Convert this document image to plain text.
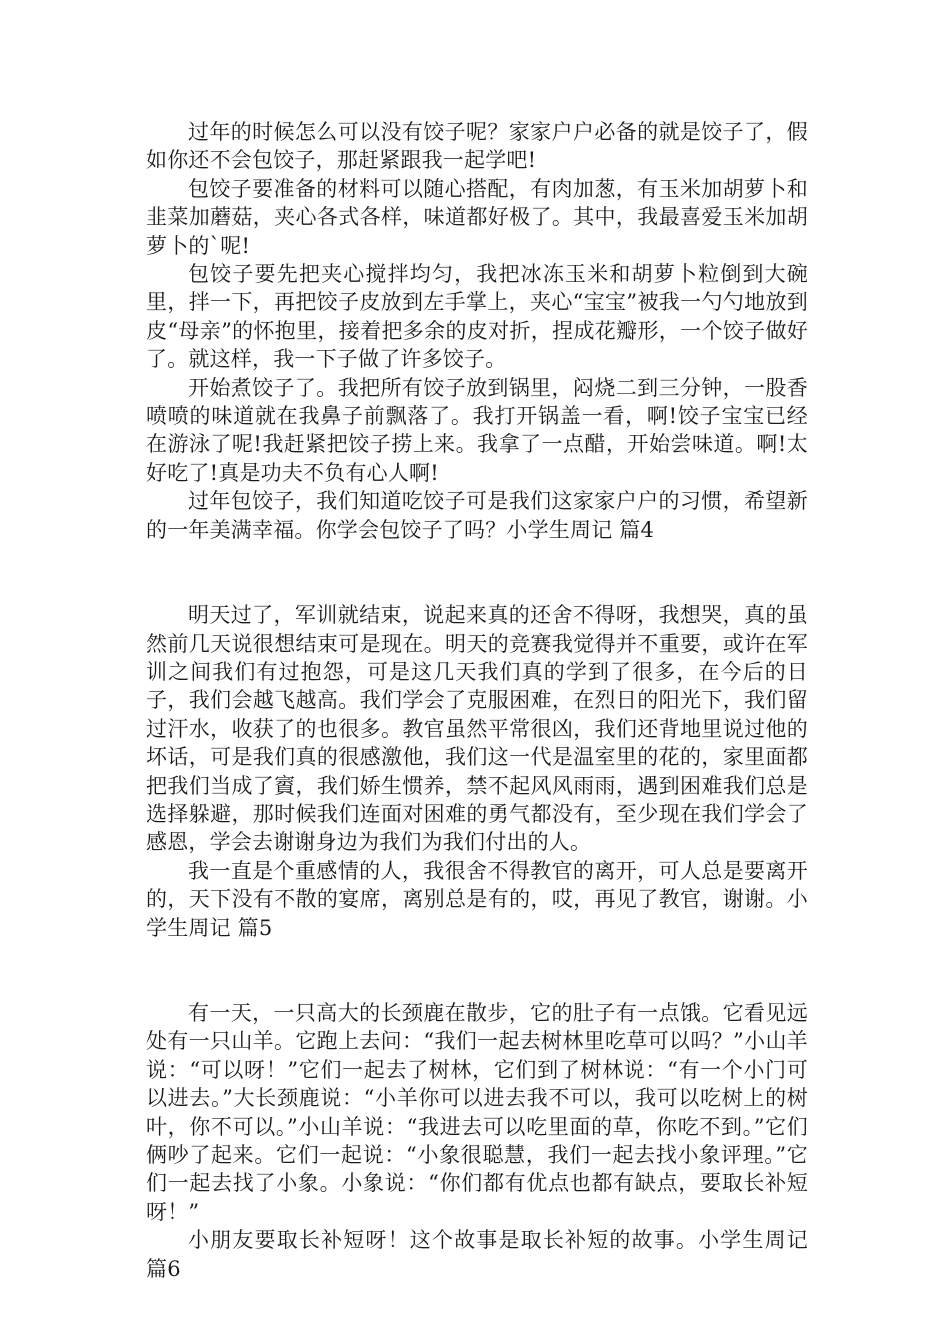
过年的时候怎么可以没有饺子呢？家家户户必备的就是饺子了，假如你还不会包饺子，那赶紧跟我一起学吧!

包饺子要准备的材料可以随心搭配，有肉加葱，有玉米加胡萝卜和韭菜加蘑菇，夹心各式各样，味道都好极了。其中，我最喜爱玉米加胡萝卜的`呢!

包饺子要先把夹心搅拌均匀，我把冰冻玉米和胡萝卜粒倒到大碗里，拌一下，再把饺子皮放到左手掌上，夹心“宝宝”被我一勺勺地放到皮“母亲”的怀抱里，接着把多余的皮对折，捏成花瓣形，一个饺子做好了。就这样，我一下子做了许多饺子。

开始煮饺子了。我把所有饺子放到锅里，闷烧二到三分钟，一股香喷喷的味道就在我鼻子前飘落了。我打开锅盖一看，啊!饺子宝宝已经在游泳了呢!我赶紧把饺子捞上来。我拿了一点醋，开始尝味道。啊!太好吃了!真是功夫不负有心人啊!

过年包饺子，我们知道吃饺子可是我们这家家户户的习惯，希望新的一年美满幸福。你学会包饺子了吗？小学生周记 篇4

明天过了，军训就结束，说起来真的还舍不得呀，我想哭，真的虽然前几天说很想结束可是现在。明天的竞赛我觉得并不重要，或许在军训之间我们有过抱怨，可是这几天我们真的学到了很多，在今后的日子，我们会越飞越高。我们学会了克服困难，在烈日的阳光下，我们留过汗水，收获了的也很多。教官虽然平常很凶，我们还背地里说过他的坏话，可是我们真的很感激他，我们这一代是温室里的花的，家里面都把我们当成了賨，我们娇生惯养，禁不起风风雨雨，遇到困难我们总是选择躲避，那时候我们连面对困难的勇气都没有，至少现在我们学会了感恩，学会去谢谢身边为我们为我们付出的人。

我一直是个重感情的人，我很舍不得教官的离开，可人总是要离开的，天下没有不散的宴席，离别总是有的，哎，再见了教官，谢谢。小学生周记 篇5

有一天，一只高大的长颈鹿在散步，它的肚子有一点饿。它看见远处有一只山羊。它跑上去问：“我们一起去树林里吃草可以吗？”小山羊说：“可以呀！”它们一起去了树林，它们到了树林说：“有一个小门可以进去。”大长颈鹿说：“小羊你可以进去我不可以，我可以吃树上的树叶，你不可以。”小山羊说：“我进去可以吃里面的草，你吃不到。”它们俩吵了起来。它们一起说：“小象很聪慧，我们一起去找小象评理。”它们一起去找了小象。小象说：“你们都有优点也都有缺点，要取长补短呀！”

小朋友要取长补短呀！这个故事是取长补短的故事。小学生周记 篇6
